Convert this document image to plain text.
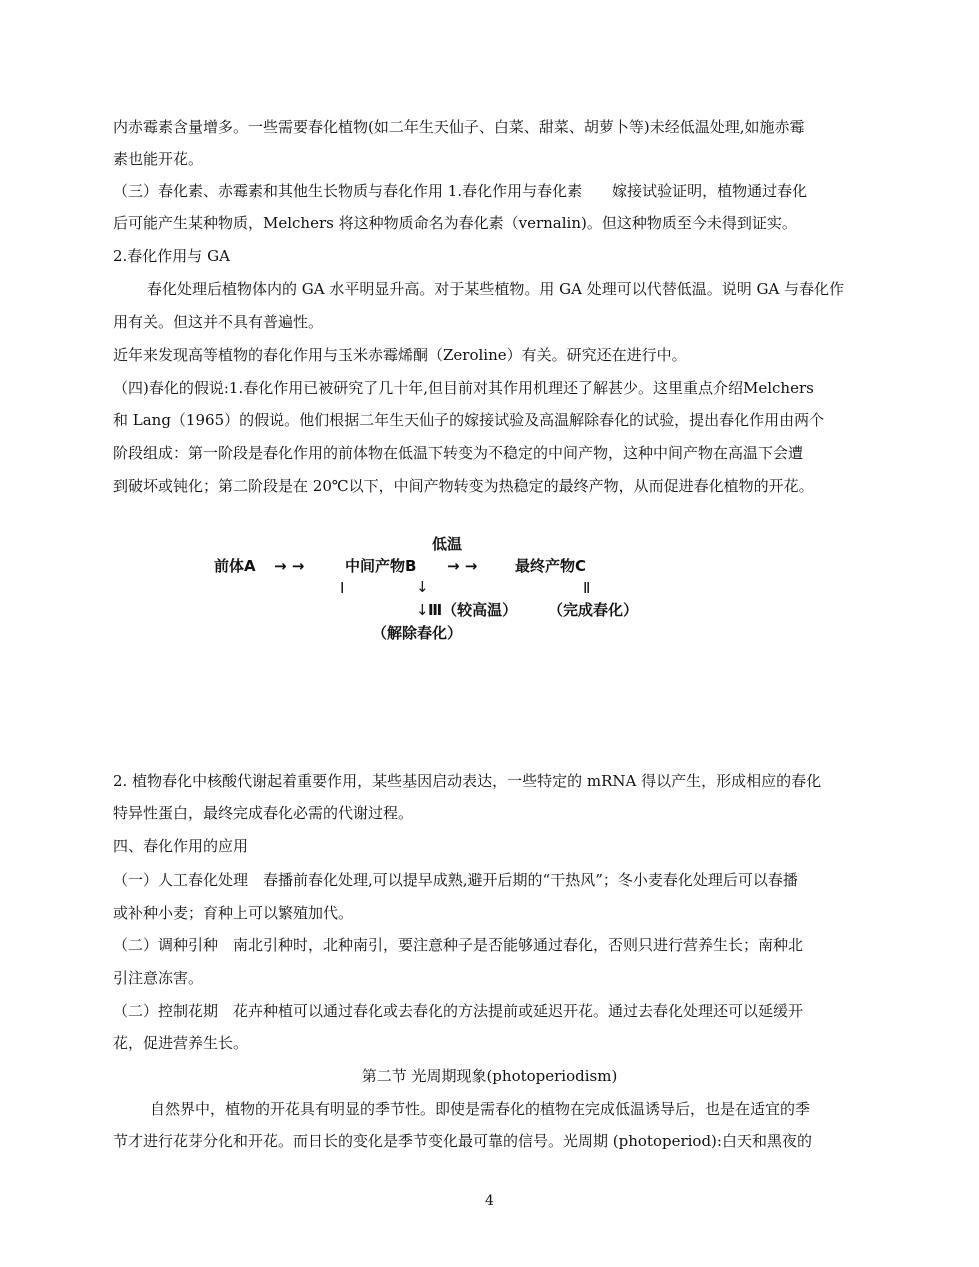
内赤霉素含量增多。一些需要春化植物(如二年生天仙子、白菜、甜菜、胡萝卜等)未经低温处理,如施赤霉
素也能开花。
（三）春化素、赤霉素和其他生长物质与春化作用 1.春化作用与春化素　　嫁接试验证明，植物通过春化
后可能产生某种物质，Melchers 将这种物质命名为春化素（vernalin)。但这种物质至今未得到证实。
2.春化作用与 GA
春化处理后植物体内的 GA 水平明显升高。对于某些植物。用 GA 处理可以代替低温。说明 GA 与春化作
用有关。但这并不具有普遍性。
近年来发现高等植物的春化作用与玉米赤霉烯酮（Zeroline）有关。研究还在进行中。
（四)春化的假说:1.春化作用已被研究了几十年,但目前对其作用机理还了解甚少。这里重点介绍Melchers
和 Lang（1965）的假说。他们根据二年生天仙子的嫁接试验及高温解除春化的试验，提出春化作用由两个
阶段组成：第一阶段是春化作用的前体物在低温下转变为不稳定的中间产物，这种中间产物在高温下会遭
到破坏或钝化；第二阶段是在 20℃以下，中间产物转变为热稳定的最终产物，从而促进春化植物的开花。
低温
前体A → →	中间产物B → →	最终产物C
I	↓	Ⅱ
↓ Ⅲ（较高温） （完成春化）
（解除春化）
2. 植物春化中核酸代谢起着重要作用，某些基因启动表达，一些特定的 mRNA 得以产生，形成相应的春化
特异性蛋白，最终完成春化必需的代谢过程。
四、春化作用的应用
（一）人工春化处理　春播前春化处理,可以提早成熟,避开后期的“干热风”；冬小麦春化处理后可以春播
或补种小麦；育种上可以繁殖加代。
（二）调种引种　南北引种时，北种南引，要注意种子是否能够通过春化，否则只进行营养生长；南种北
引注意冻害。
（二）控制花期　花卉种植可以通过春化或去春化的方法提前或延迟开花。通过去春化处理还可以延缓开
花，促进营养生长。
第二节 光周期现象(photoperiodism)
自然界中，植物的开花具有明显的季节性。即使是需春化的植物在完成低温诱导后，也是在适宜的季
节才进行花芽分化和开花。而日长的变化是季节变化最可靠的信号。光周期 (photoperiod):白天和黑夜的
4
